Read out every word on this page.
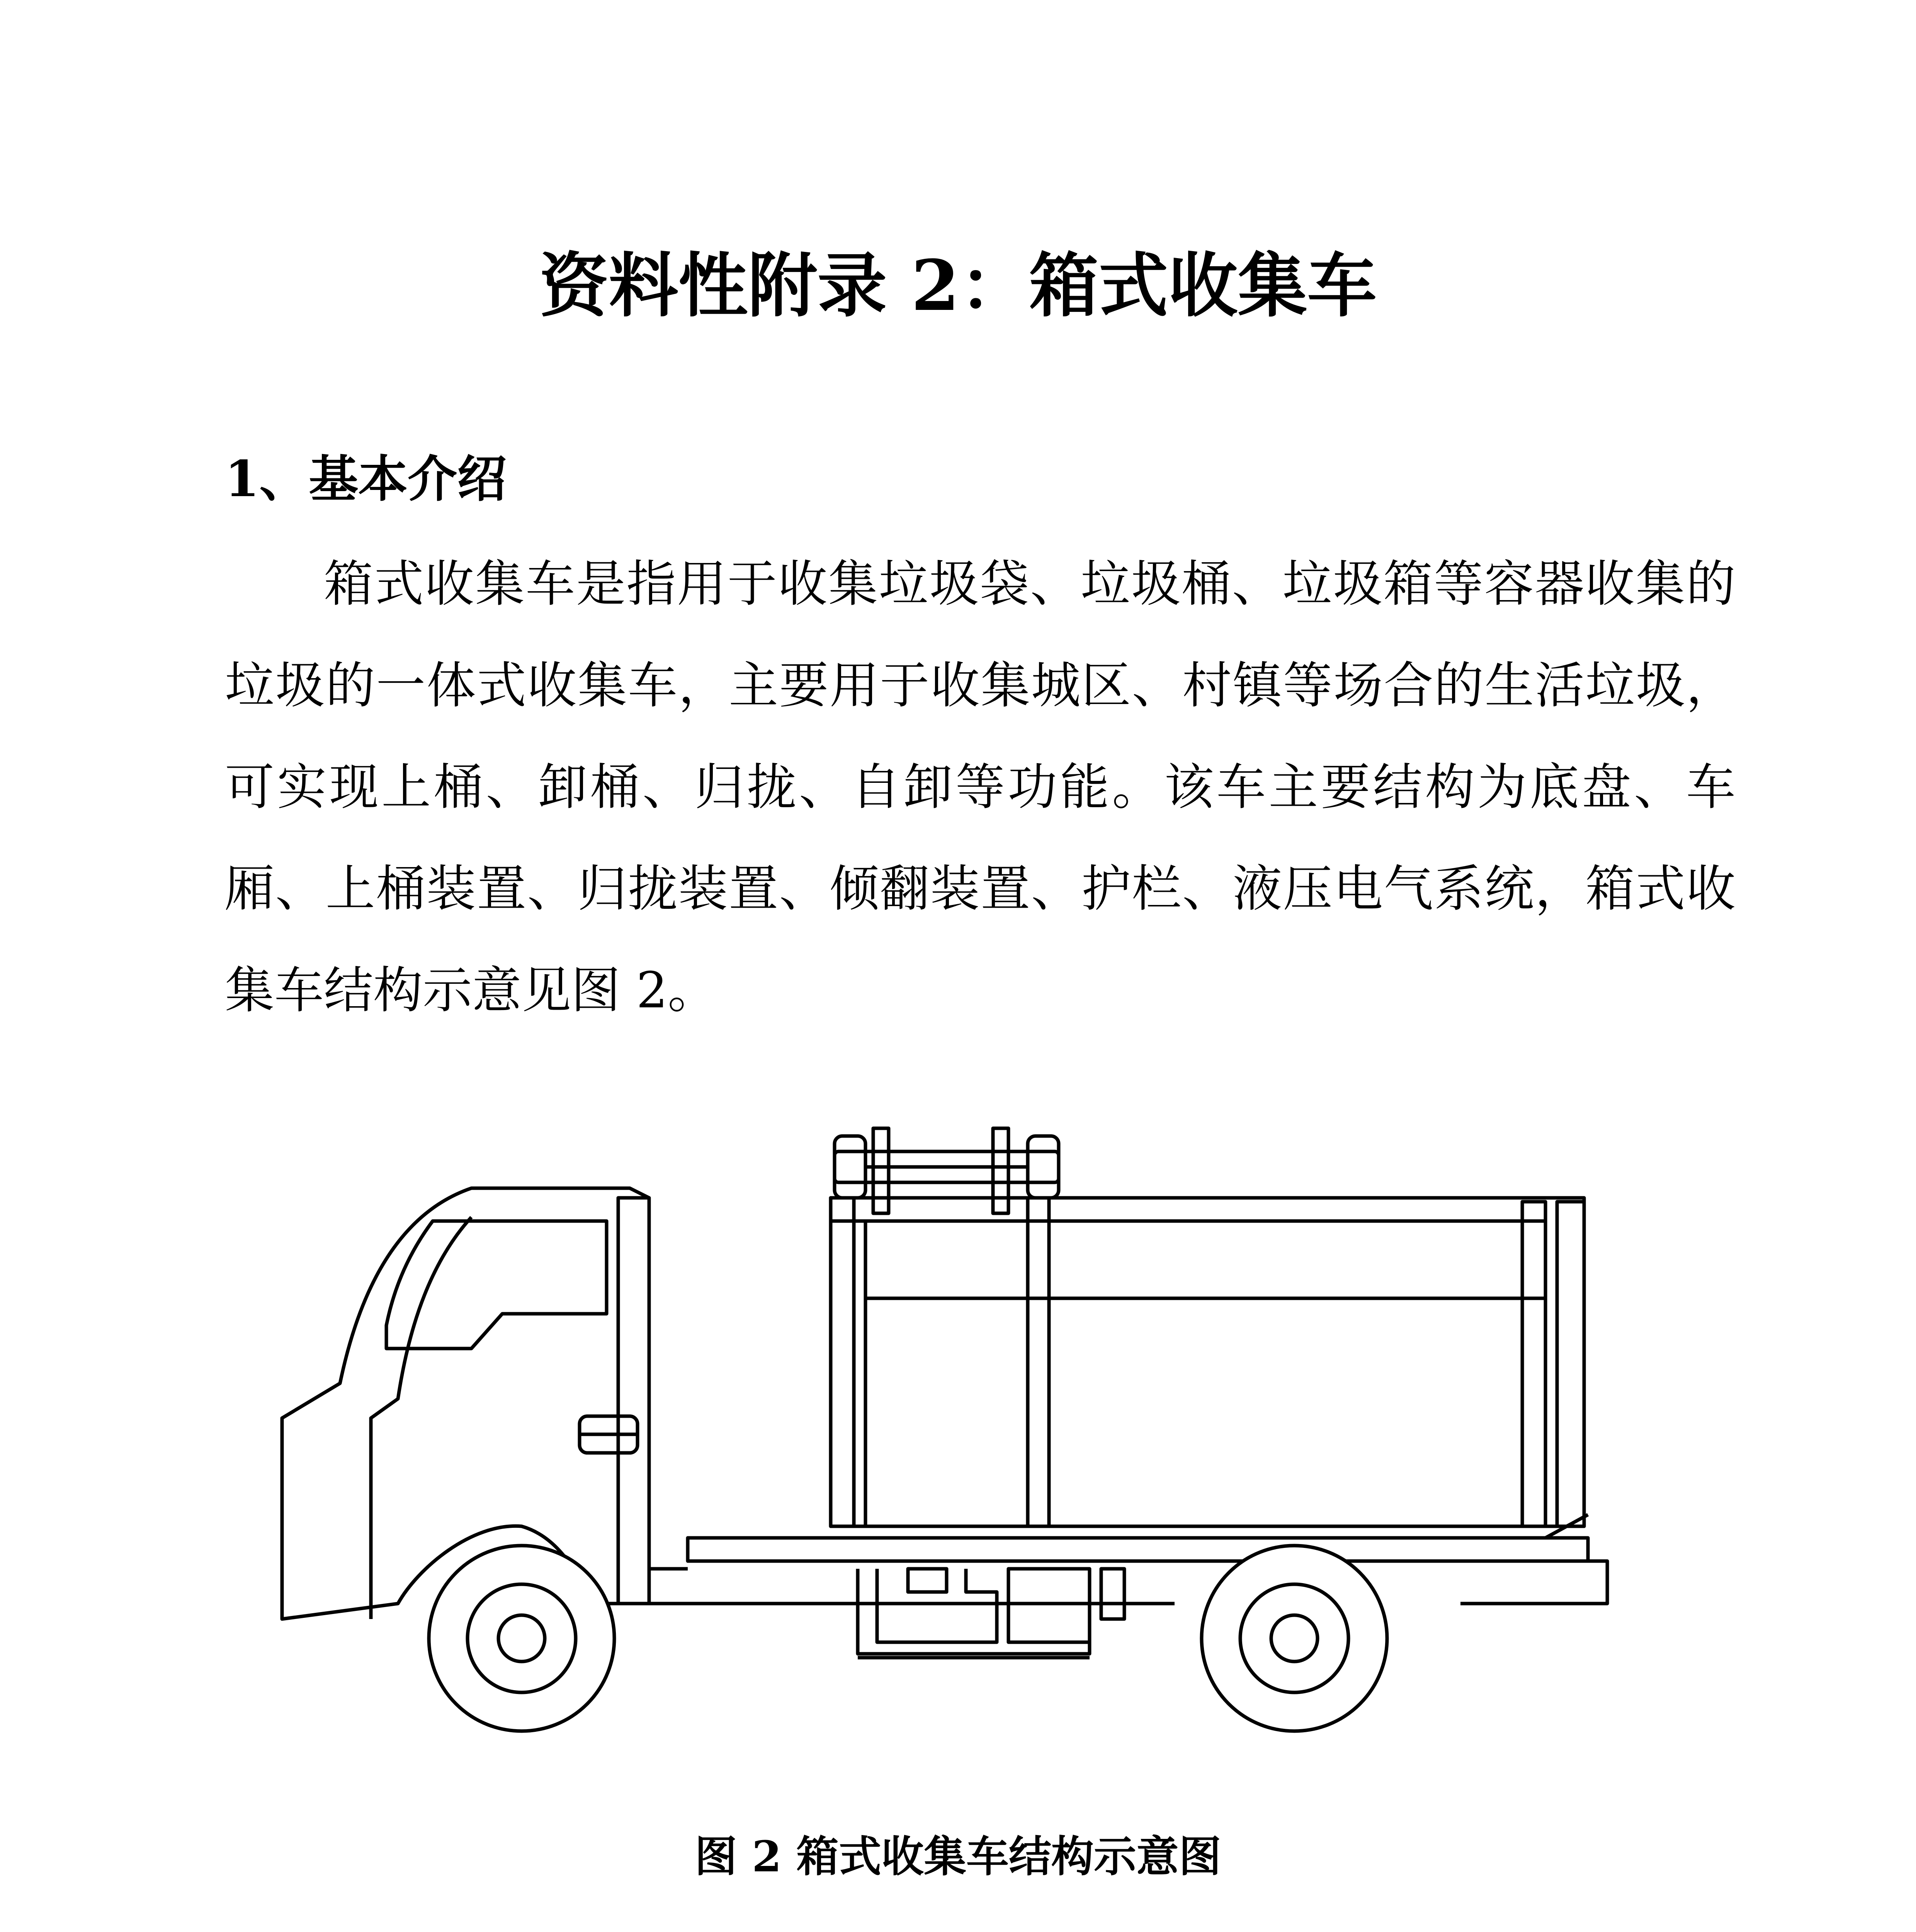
资料性附录 2：箱式收集车
1、基本介绍
箱式收集车是指用于收集垃圾袋、垃圾桶、垃圾箱等容器收集的垃圾的一体式收集车，主要用于收集城区、村镇等场合的生活垃圾，可实现上桶、卸桶、归拢、自卸等功能。该车主要结构为底盘、车厢、上桶装置、归拢装置、倾翻装置、护栏、液压电气系统，箱式收集车结构示意见图 2。
图 2 箱式收集车结构示意图
